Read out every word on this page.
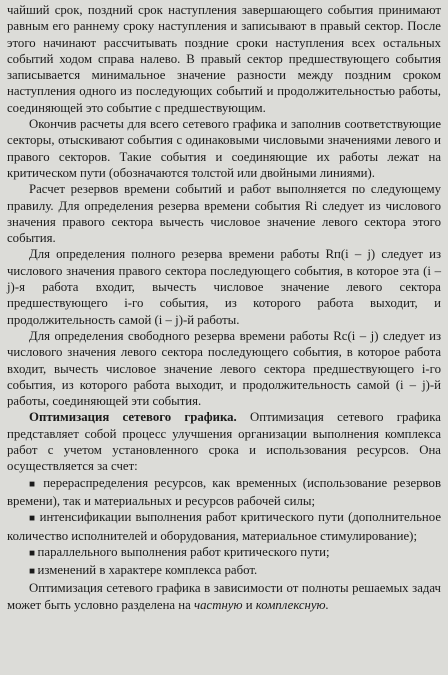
чайший срок, поздний срок наступления завершающего события принимают равным его раннему сроку наступления и записывают в правый сектор. После этого начинают рассчитывать поздние сроки наступления всех остальных событий ходом справа налево. В правый сектор предшествующего события записывается минимальное значение разности между поздним сроком наступления одного из последующих событий и продолжительностью работы, соединяющей это событие с предшествующим.

Окончив расчеты для всего сетевого графика и заполнив соответствующие секторы, отыскивают события с одинаковыми числовыми значениями левого и правого секторов. Такие события и соединяющие их работы лежат на критическом пути (обозначаются толстой или двойными линиями).

Расчет резервов времени событий и работ выполняется по следующему правилу. Для определения резерва времени события Ri следует из числового значения правого сектора вычесть числовое значение левого сектора этого события.

Для определения полного резерва времени работы Rп(i – j) следует из числового значения правого сектора последующего события, в которое эта (i – j)-я работа входит, вычесть числовое значение левого сектора предшествующего i-го события, из которого работа выходит, и продолжительность самой (i – j)-й работы.

Для определения свободного резерва времени работы Rc(i – j) следует из числового значения левого сектора последующего события, в которое работа входит, вычесть числовое значение левого сектора предшествующего i-го события, из которого работа выходит, и продолжительность самой (i – j)-й работы, соединяющей эти события.

Оптимизация сетевого графика. Оптимизация сетевого графика представляет собой процесс улучшения организации выполнения комплекса работ с учетом установленного срока и использования ресурсов. Она осуществляется за счет:

■ перераспределения ресурсов, как временных (использование резервов времени), так и материальных и ресурсов рабочей силы;

■ интенсификации выполнения работ критического пути (дополнительное количество исполнителей и оборудования, материальное стимулирование);

■ параллельного выполнения работ критического пути;

■ изменений в характере комплекса работ.

Оптимизация сетевого графика в зависимости от полноты решаемых задач может быть условно разделена на частную и комплексную.
